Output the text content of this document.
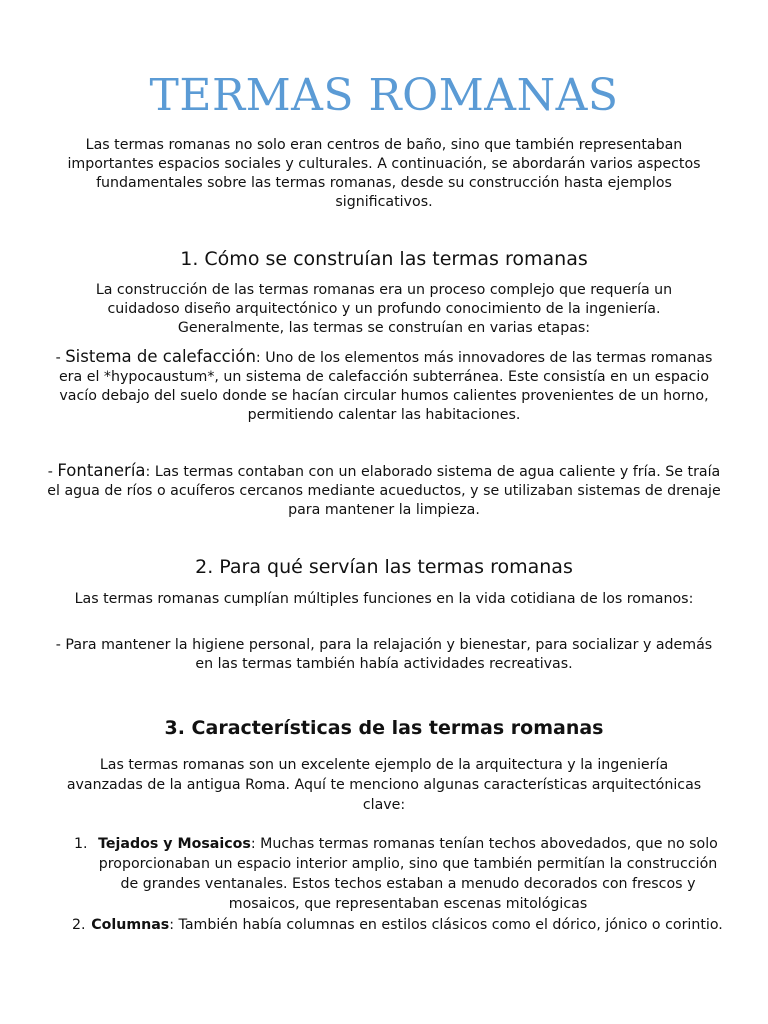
TERMAS ROMANAS

Las termas romanas no solo eran centros de baño, sino que también representaban importantes espacios sociales y culturales. A continuación, se abordarán varios aspectos fundamentales sobre las termas romanas, desde su construcción hasta ejemplos significativos.

1. Cómo se construían las termas romanas

La construcción de las termas romanas era un proceso complejo que requería un cuidadoso diseño arquitectónico y un profundo conocimiento de la ingeniería. Generalmente, las termas se construían en varias etapas:

- Sistema de calefacción: Uno de los elementos más innovadores de las termas romanas era el *hypocaustum*, un sistema de calefacción subterránea. Este consistía en un espacio vacío debajo del suelo donde se hacían circular humos calientes provenientes de un horno, permitiendo calentar las habitaciones.

- Fontanería: Las termas contaban con un elaborado sistema de agua caliente y fría. Se traía el agua de ríos o acuíferos cercanos mediante acueductos, y se utilizaban sistemas de drenaje para mantener la limpieza.

2. Para qué servían las termas romanas

Las termas romanas cumplían múltiples funciones en la vida cotidiana de los romanos:

- Para mantener la higiene personal, para la relajación y bienestar, para socializar y además en las termas también había actividades recreativas.

3. Características de las termas romanas

Las termas romanas son un excelente ejemplo de la arquitectura y la ingeniería avanzadas de la antigua Roma. Aquí te menciono algunas características arquitectónicas clave:

1. Tejados y Mosaicos: Muchas termas romanas tenían techos abovedados, que no solo proporcionaban un espacio interior amplio, sino que también permitían la construcción de grandes ventanales. Estos techos estaban a menudo decorados con frescos y mosaicos, que representaban escenas mitológicas

2. Columnas: También había columnas en estilos clásicos como el dórico, jónico o corintio.
